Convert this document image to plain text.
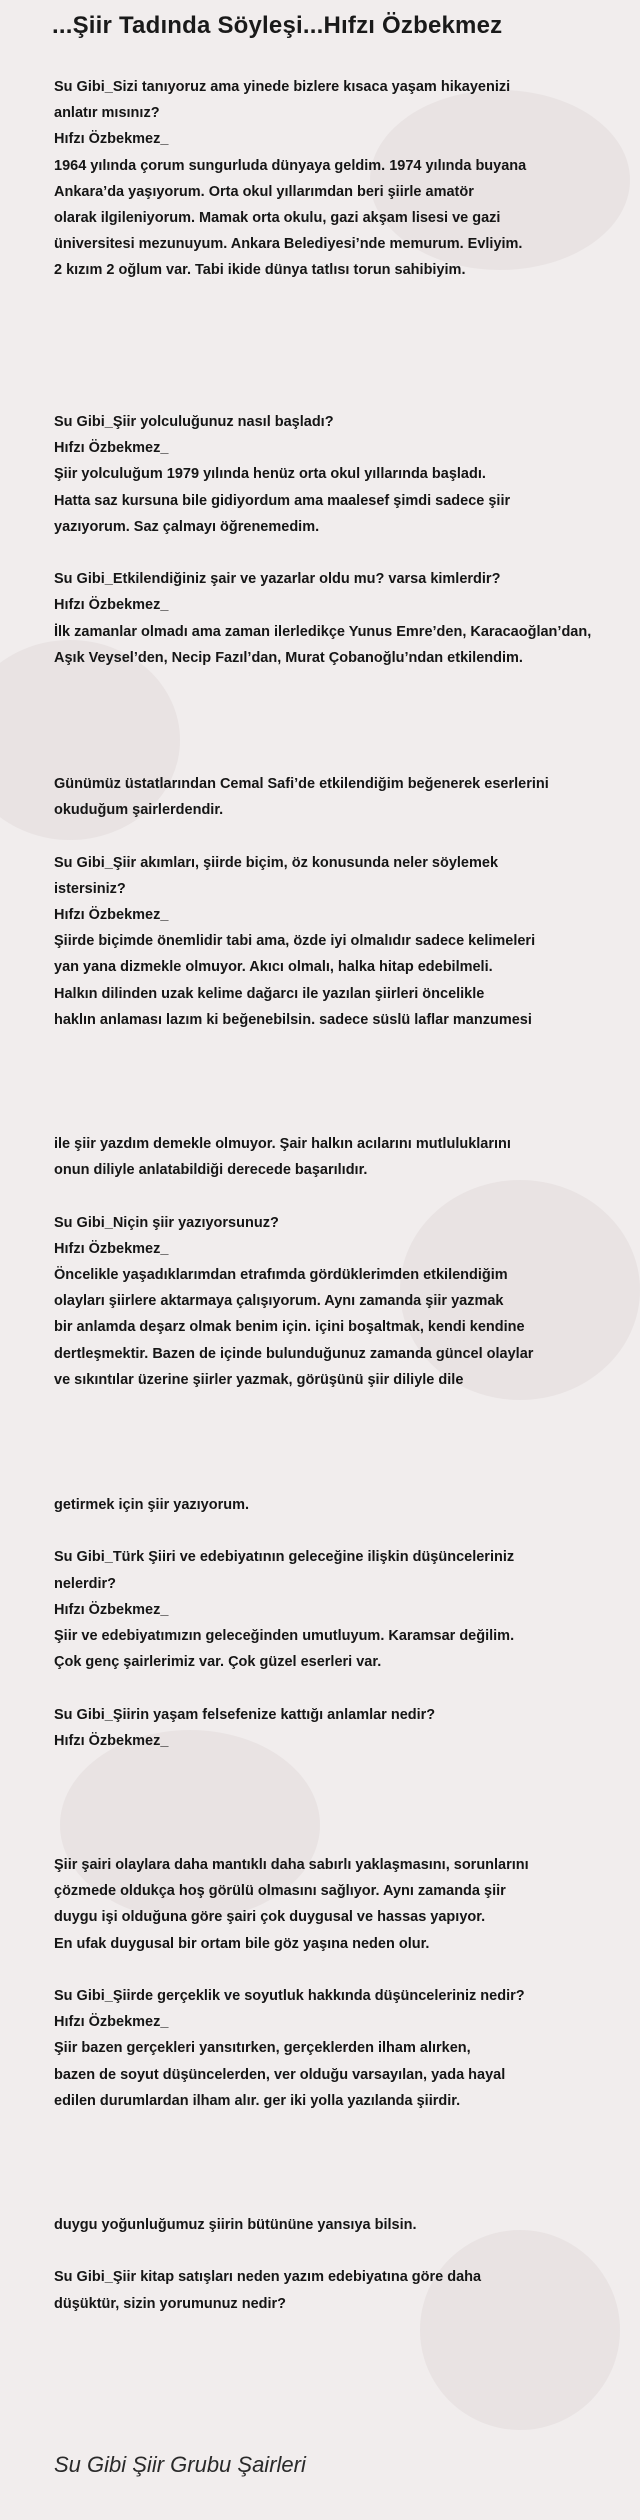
...Şiir Tadında Söyleşi...Hıfzı Özbekmez
Su Gibi_Sizi tanıyoruz ama yinede bizlere kısaca yaşam hikayenizi
anlatır mısınız?
Hıfzı Özbekmez_
1964 yılında çorum sungurluda dünyaya geldim. 1974 yılında buyana
Ankara’da yaşıyorum. Orta okul yıllarımdan beri şiirle amatör
olarak ilgileniyorum. Mamak orta okulu, gazi akşam lisesi ve gazi
üniversitesi mezunuyum. Ankara Belediyesi’nde memurum. Evliyim.
2 kızım 2 oğlum var. Tabi ikide dünya tatlısı torun sahibiyim.
Su Gibi_Şiir yolculuğunuz nasıl başladı?
Hıfzı Özbekmez_
Şiir yolculuğum 1979 yılında henüz orta okul yıllarında başladı.
Hatta saz kursuna bile gidiyordum ama maalesef şimdi sadece şiir
yazıyorum. Saz çalmayı öğrenemedim.
Su Gibi_Etkilendiğiniz şair ve yazarlar oldu mu? varsa kimlerdir?
Hıfzı Özbekmez_
İlk zamanlar olmadı ama zaman ilerledikçe Yunus Emre’den, Karacaoğlan’dan,
Aşık Veysel’den, Necip Fazıl’dan, Murat Çobanoğlu’ndan etkilendim.
Günümüz üstatlarından Cemal Safi’de etkilendiğim beğenerek eserlerini
okuduğum şairlerdendir.
Su Gibi_Şiir akımları, şiirde biçim, öz konusunda neler söylemek
istersiniz?
Hıfzı Özbekmez_
Şiirde biçimde önemlidir tabi ama, özde iyi olmalıdır sadece kelimeleri
yan yana dizmekle olmuyor. Akıcı olmalı, halka hitap edebilmeli.
Halkın dilinden uzak kelime dağarcı ile yazılan şiirleri öncelikle
haklın anlaması lazım ki beğenebilsin. sadece süslü laflar manzumesi
ile şiir yazdım demekle olmuyor. Şair halkın acılarını mutluluklarını
onun diliyle anlatabildiği derecede başarılıdır.
Su Gibi_Niçin şiir yazıyorsunuz?
Hıfzı Özbekmez_
Öncelikle yaşadıklarımdan etrafımda gördüklerimden etkilendiğim
olayları şiirlere aktarmaya çalışıyorum. Aynı zamanda şiir yazmak
bir anlamda deşarz olmak benim için. içini boşaltmak, kendi kendine
dertleşmektir. Bazen de içinde bulunduğunuz zamanda güncel olaylar
ve sıkıntılar üzerine şiirler yazmak, görüşünü şiir diliyle dile
getirmek için şiir yazıyorum.
Su Gibi_Türk Şiiri ve edebiyatının geleceğine ilişkin düşünceleriniz
nelerdir?
Hıfzı Özbekmez_
Şiir ve edebiyatımızın geleceğinden umutluyum. Karamsar değilim.
Çok genç şairlerimiz var. Çok güzel eserleri var.
Su Gibi_Şiirin yaşam felsefenize kattığı anlamlar nedir?
Hıfzı Özbekmez_
Şiir şairi olaylara daha mantıklı daha sabırlı yaklaşmasını, sorunlarını
çözmede oldukça hoş görülü olmasını sağlıyor. Aynı zamanda şiir
duygu işi olduğuna göre şairi çok duygusal ve hassas yapıyor.
En ufak duygusal bir ortam bile göz yaşına neden olur.
Su Gibi_Şiirde gerçeklik ve soyutluk hakkında düşünceleriniz nedir?
Hıfzı Özbekmez_
Şiir bazen gerçekleri yansıtırken, gerçeklerden ilham alırken,
bazen de soyut düşüncelerden, ver olduğu varsayılan, yada hayal
edilen durumlardan ilham alır. ger iki yolla yazılanda şiirdir.
duygu yoğunluğumuz şiirin bütününe yansıya bilsin.
Su Gibi_Şiir kitap satışları neden yazım edebiyatına göre daha
düşüktür, sizin yorumunuz nedir?

Su Gibi Şiir Grubu Şairleri
